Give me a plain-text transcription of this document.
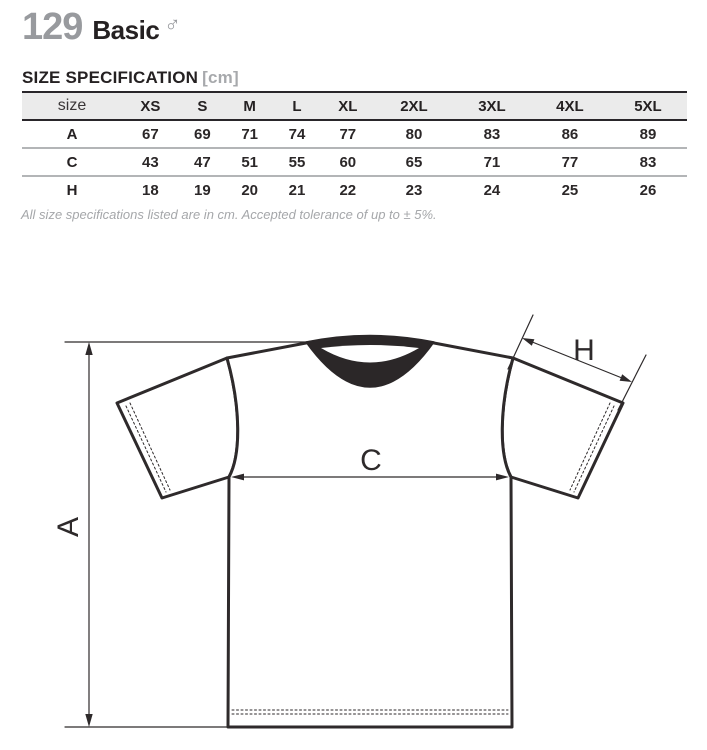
129 Basic ♂
SIZE SPECIFICATION [cm]
size	XS	S	M	L	XL	2XL	3XL	4XL	5XL
A	67	69	71	74	77	80	83	86	89
C	43	47	51	55	60	65	71	77	83
H	18	19	20	21	22	23	24	25	26
All size specifications listed are in cm. Accepted tolerance of up to ± 5%.
A
C
H
